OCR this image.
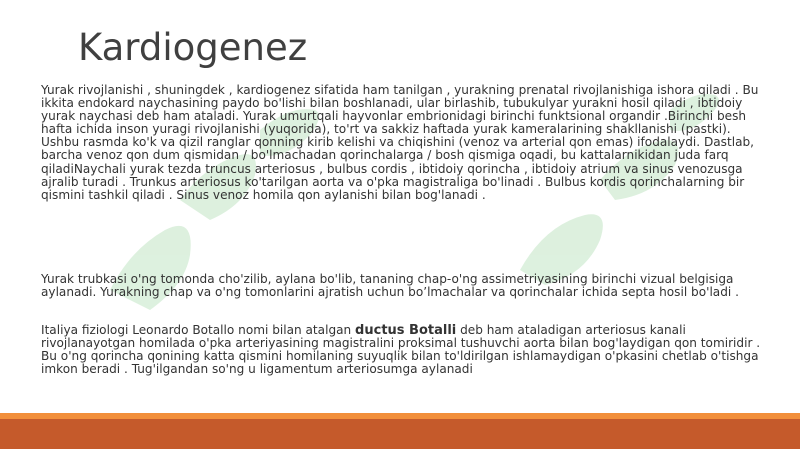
Kardiogenez
Yurak rivojlanishi , shuningdek , kardiogenez sifatida ham tanilgan , yurakning prenatal rivojlanishiga ishora qiladi . Bu ikkita endokard naychasining paydo bo'lishi bilan boshlanadi, ular birlashib, tubukulyar yurakni hosil qiladi , ibtidoiy yurak naychasi deb ham ataladi. Yurak umurtqali hayvonlar embrionidagi birinchi funktsional organdir .Birinchi besh hafta ichida inson yuragi rivojlanishi (yuqorida), to'rt va sakkiz haftada yurak kameralarining shakllanishi (pastki). Ushbu rasmda ko'k va qizil ranglar qonning kirib kelishi va chiqishini (venoz va arterial qon emas) ifodalaydi. Dastlab, barcha venoz qon dum qismidan / bo'lmachadan qorinchalarga / bosh qismiga oqadi, bu kattalarnikidan juda farq qiladiNaychali yurak tezda truncus arteriosus , bulbus cordis , ibtidoiy qorincha , ibtidoiy atrium va sinus venozusga ajralib turadi . Trunkus arteriosus ko'tarilgan aorta va o'pka magistraliga bo'linadi . Bulbus kordis qorinchalarning bir qismini tashkil qiladi . Sinus venoz homila qon aylanishi bilan bog'lanadi .
Yurak trubkasi o'ng tomonda cho'zilib, aylana bo'lib, tananing chap-o'ng assimetriyasining birinchi vizual belgisiga aylanadi. Yurakning chap va o'ng tomonlarini ajratish uchun bo’lmachalar va qorinchalar ichida septa hosil bo'ladi .
Italiya fiziologi Leonardo Botallo nomi bilan atalgan ductus Botalli deb ham ataladigan arteriosus kanali rivojlanayotgan homilada o'pka arteriyasining magistralini proksimal tushuvchi aorta bilan bog'laydigan qon tomiridir . Bu o'ng qorincha qonining katta qismini homilaning suyuqlik bilan to'ldirilgan ishlamaydigan o'pkasini chetlab o'tishga imkon beradi . Tug'ilgandan so'ng u ligamentum arteriosumga aylanadi
